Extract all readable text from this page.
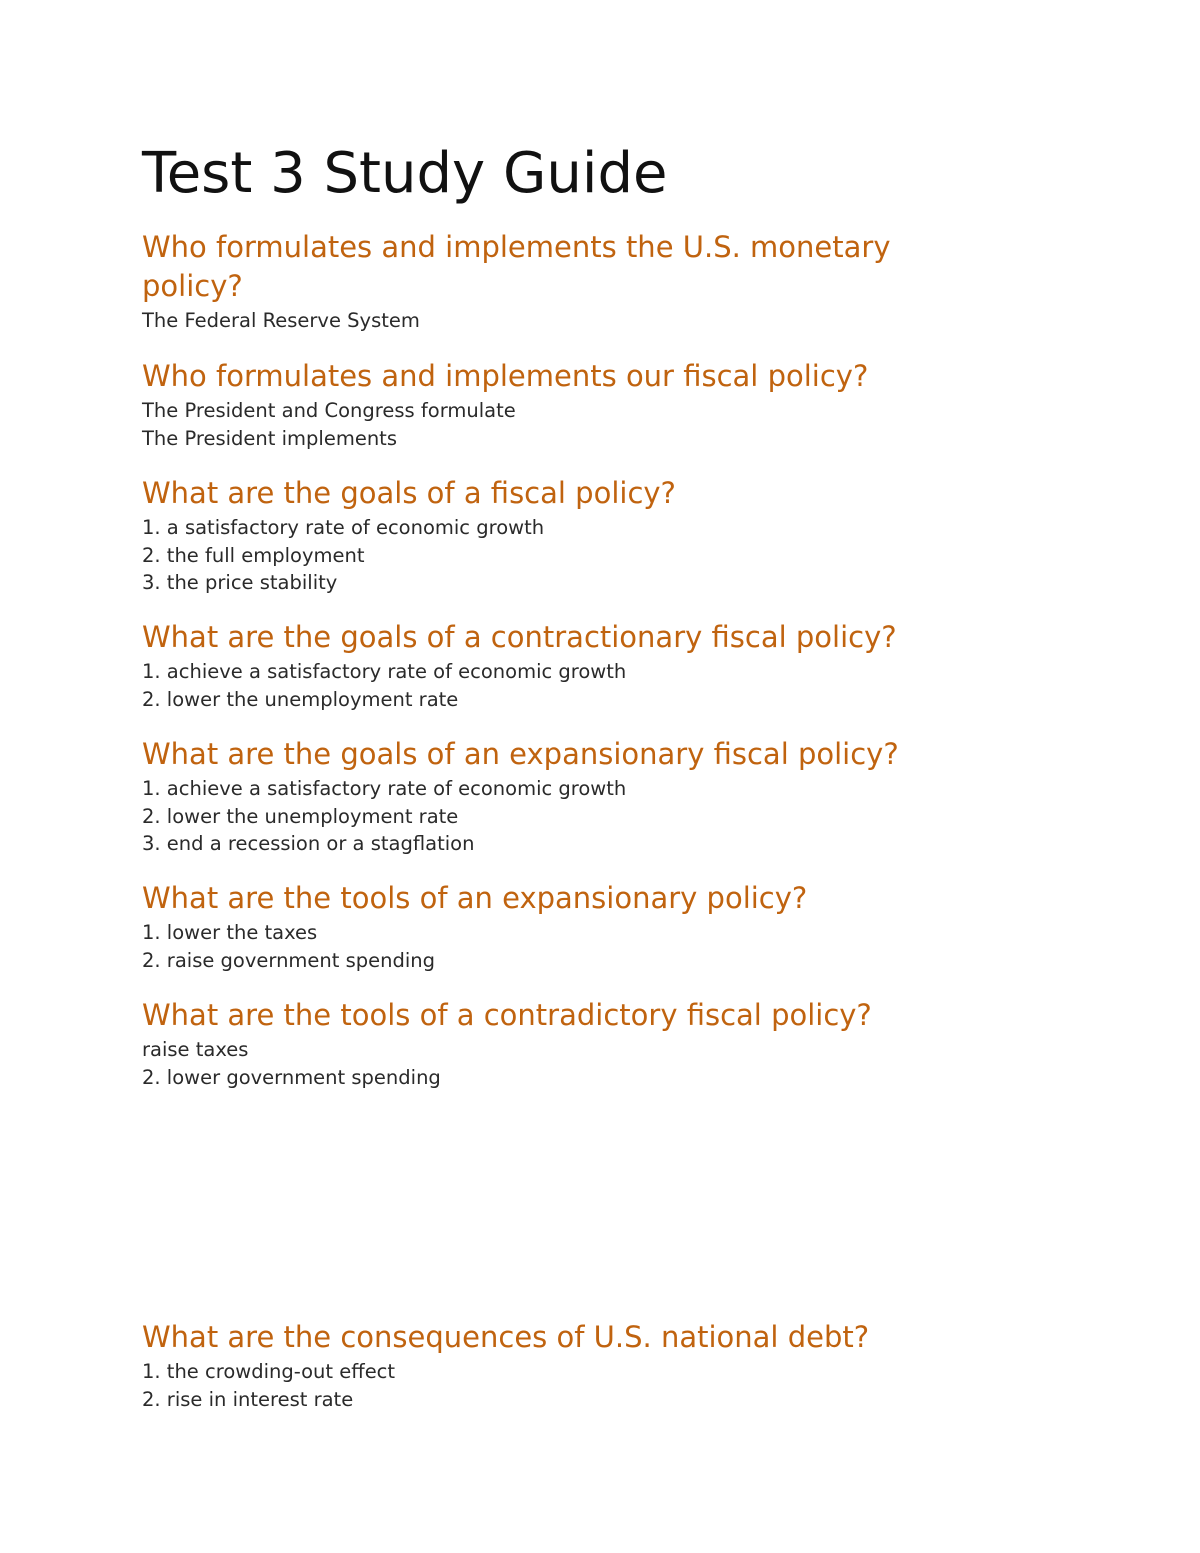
Test 3 Study Guide
Who formulates and implements the U.S. monetary policy?

The Federal Reserve System

Who formulates and implements our fiscal policy?

The President and Congress formulate

The President implements

What are the goals of a fiscal policy?

1. a satisfactory rate of economic growth

2. the full employment

3. the price stability

What are the goals of a contractionary fiscal policy?

1. achieve a satisfactory rate of economic growth

2. lower the unemployment rate

What are the goals of an expansionary fiscal policy?

1. achieve a satisfactory rate of economic growth

2. lower the unemployment rate

3. end a recession or a stagflation

What are the tools of an expansionary policy?

1. lower the taxes

2. raise government spending

What are the tools of a contradictory fiscal policy?

raise taxes

2. lower government spending

What are the consequences of U.S. national debt?

1. the crowding-out effect

2. rise in interest rate
